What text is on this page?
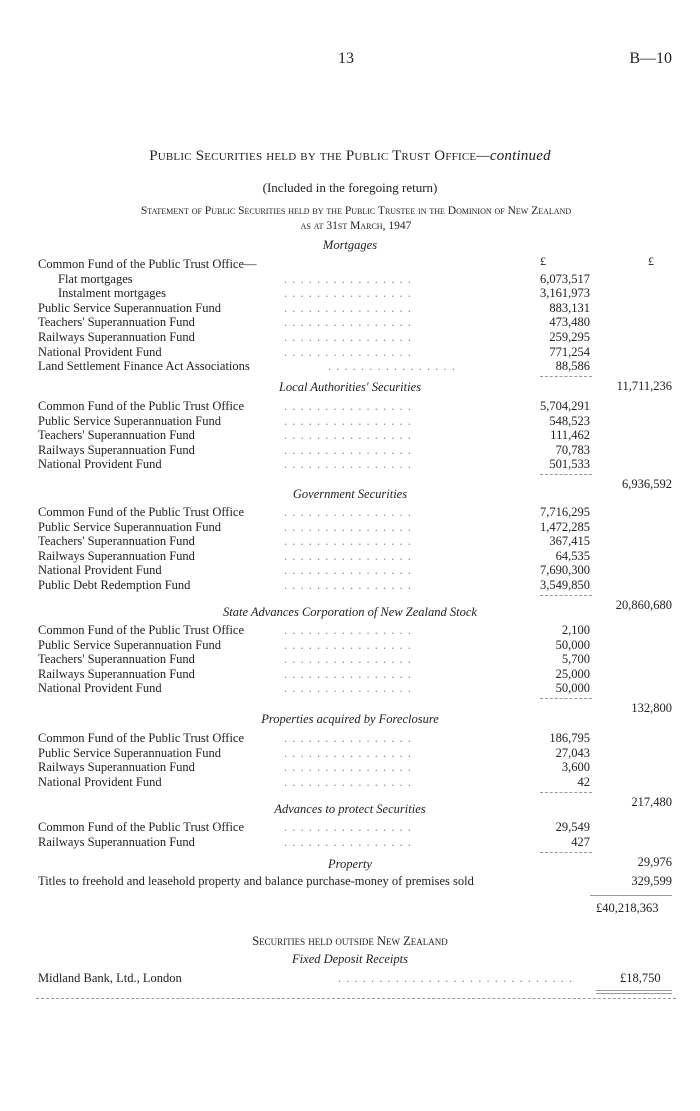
13	B—10
Public Securities held by the Public Trust Office—continued
(Included in the foregoing return)
Statement of Public Securities held by the Public Trustee in the Dominion of New Zealand
as at 31st March, 1947
£	£
Mortgages
Common Fund of the Public Trust Office—
Flat mortgages	. . . . . . . . . . . . . . . .	6,073,517
Instalment mortgages	. . . . . . . . . . . . . . . .	3,161,973
Public Service Superannuation Fund	. . . . . . . . . . . . . . . .	883,131
Teachers' Superannuation Fund	. . . . . . . . . . . . . . . .	473,480
Railways Superannuation Fund	. . . . . . . . . . . . . . . .	259,295
National Provident Fund	. . . . . . . . . . . . . . . .	771,254
Land Settlement Finance Act Associations	. . . . . . . . . . . . . . . .	88,586
11,711,236
Local Authorities' Securities
Common Fund of the Public Trust Office	. . . . . . . . . . . . . . . .	5,704,291
Public Service Superannuation Fund	. . . . . . . . . . . . . . . .	548,523
Teachers' Superannuation Fund	. . . . . . . . . . . . . . . .	111,462
Railways Superannuation Fund	. . . . . . . . . . . . . . . .	70,783
National Provident Fund	. . . . . . . . . . . . . . . .	501,533
6,936,592
Government Securities
Common Fund of the Public Trust Office	. . . . . . . . . . . . . . . .	7,716,295
Public Service Superannuation Fund	. . . . . . . . . . . . . . . .	1,472,285
Teachers' Superannuation Fund	. . . . . . . . . . . . . . . .	367,415
Railways Superannuation Fund	. . . . . . . . . . . . . . . .	64,535
National Provident Fund	. . . . . . . . . . . . . . . .	7,690,300
Public Debt Redemption Fund	. . . . . . . . . . . . . . . .	3,549,850
20,860,680
State Advances Corporation of New Zealand Stock
Common Fund of the Public Trust Office	. . . . . . . . . . . . . . . .	2,100
Public Service Superannuation Fund	. . . . . . . . . . . . . . . .	50,000
Teachers' Superannuation Fund	. . . . . . . . . . . . . . . .	5,700
Railways Superannuation Fund	. . . . . . . . . . . . . . . .	25,000
National Provident Fund	. . . . . . . . . . . . . . . .	50,000
132,800
Properties acquired by Foreclosure
Common Fund of the Public Trust Office	. . . . . . . . . . . . . . . .	186,795
Public Service Superannuation Fund	. . . . . . . . . . . . . . . .	27,043
Railways Superannuation Fund	. . . . . . . . . . . . . . . .	3,600
National Provident Fund	. . . . . . . . . . . . . . . .	42
217,480
Advances to protect Securities
Common Fund of the Public Trust Office	. . . . . . . . . . . . . . . .	29,549
Railways Superannuation Fund	. . . . . . . . . . . . . . . .	427
29,976
Property
Titles to freehold and leasehold property and balance purchase-money of premises sold	329,599
£40,218,363
Securities held outside New Zealand
Fixed Deposit Receipts
Midland Bank, Ltd., London	. . . . . . . . . . . . . . . . . . . . . . . . . . . . .	£18,750
